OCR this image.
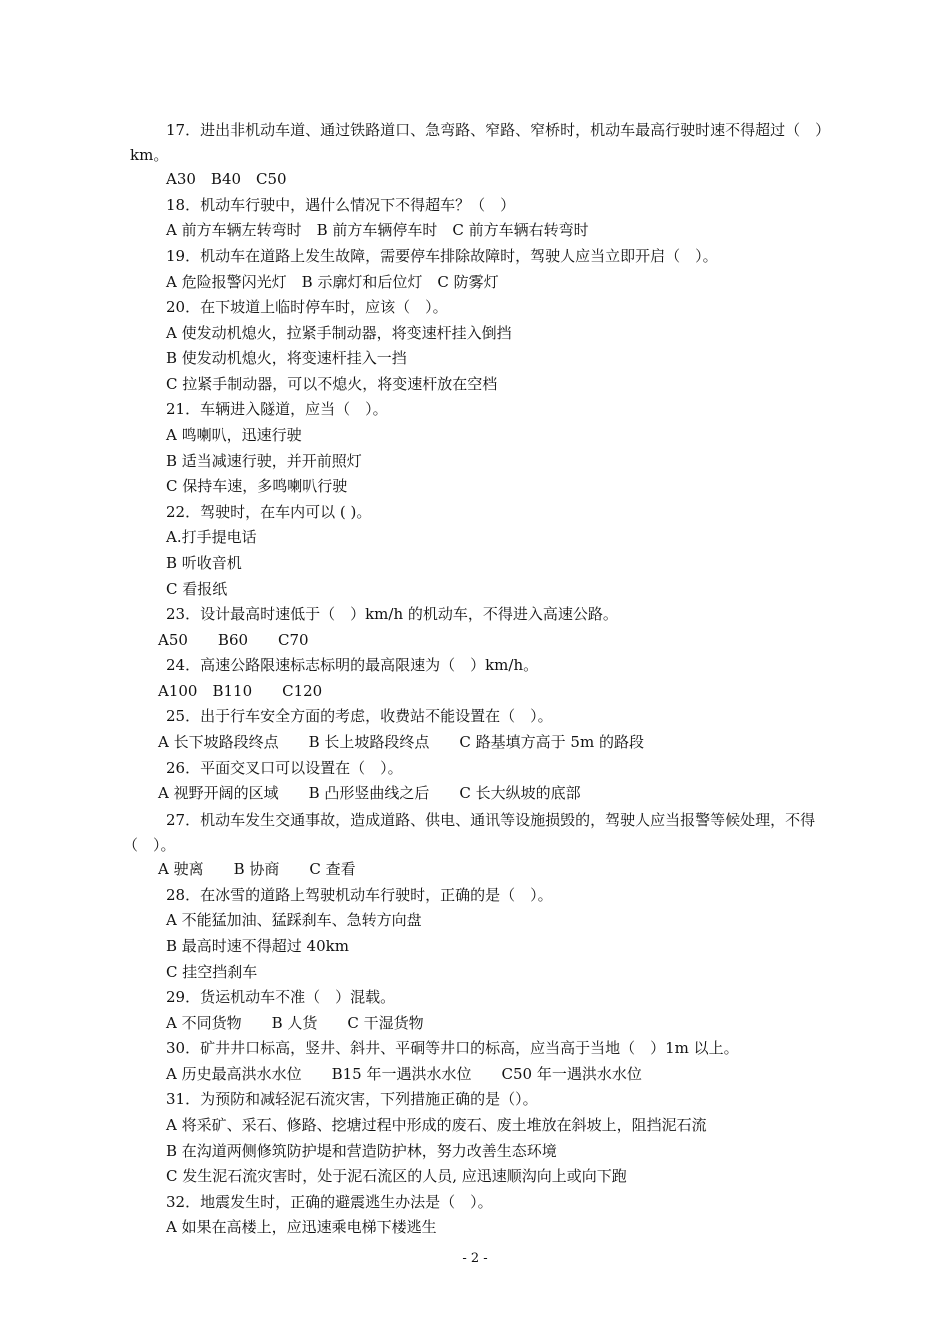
17．进出非机动车道、通过铁路道口、急弯路、窄路、窄桥时，机动车最高行驶时速不得超过（　）km。
A30　B40　C50
18．机动车行驶中，遇什么情况下不得超车？（　）
A 前方车辆左转弯时　B 前方车辆停车时　C 前方车辆右转弯时
19．机动车在道路上发生故障，需要停车排除故障时，驾驶人应当立即开启（　）。
A 危险报警闪光灯　B 示廓灯和后位灯　C 防雾灯
20．在下坡道上临时停车时，应该（　）。
A 使发动机熄火，拉紧手制动器，将变速杆挂入倒挡
B 使发动机熄火，将变速杆挂入一挡
C 拉紧手制动器，可以不熄火，将变速杆放在空档
21．车辆进入隧道，应当（　）。
A 鸣喇叭，迅速行驶
B 适当减速行驶，并开前照灯
C 保持车速，多鸣喇叭行驶
22．驾驶时，在车内可以 ( )。
A.打手提电话
B 听收音机
C 看报纸
23．设计最高时速低于（　）km/h 的机动车，不得进入高速公路。
A50　　B60　　C70
24．高速公路限速标志标明的最高限速为（　）km/h。
A100　B110　　C120
25．出于行车安全方面的考虑，收费站不能设置在（　）。
A 长下坡路段终点　　B 长上坡路段终点　　C 路基填方高于 5m 的路段
26．平面交叉口可以设置在（　）。
A 视野开阔的区域　　B 凸形竖曲线之后　　C 长大纵坡的底部
27．机动车发生交通事故，造成道路、供电、通讯等设施损毁的，驾驶人应当报警等候处理，不得（　）。
A 驶离　　B 协商　　C 查看
28．在冰雪的道路上驾驶机动车行驶时，正确的是（　）。
A 不能猛加油、猛踩刹车、急转方向盘
B 最高时速不得超过 40km
C 挂空挡刹车
29．货运机动车不准（　）混载。
A 不同货物　　B 人货　　C 干湿货物
30．矿井井口标高，竖井、斜井、平硐等井口的标高，应当高于当地（　）1m 以上。
A 历史最高洪水水位　　B15 年一遇洪水水位　　C50 年一遇洪水水位
31．为预防和减轻泥石流灾害，下列措施正确的是（）。
A 将采矿、采石、修路、挖塘过程中形成的废石、废土堆放在斜坡上，阻挡泥石流
B 在沟道两侧修筑防护堤和营造防护林，努力改善生态环境
C 发生泥石流灾害时，处于泥石流区的人员, 应迅速顺沟向上或向下跑
32．地震发生时，正确的避震逃生办法是（　）。
A 如果在高楼上，应迅速乘电梯下楼逃生
- 2 -
